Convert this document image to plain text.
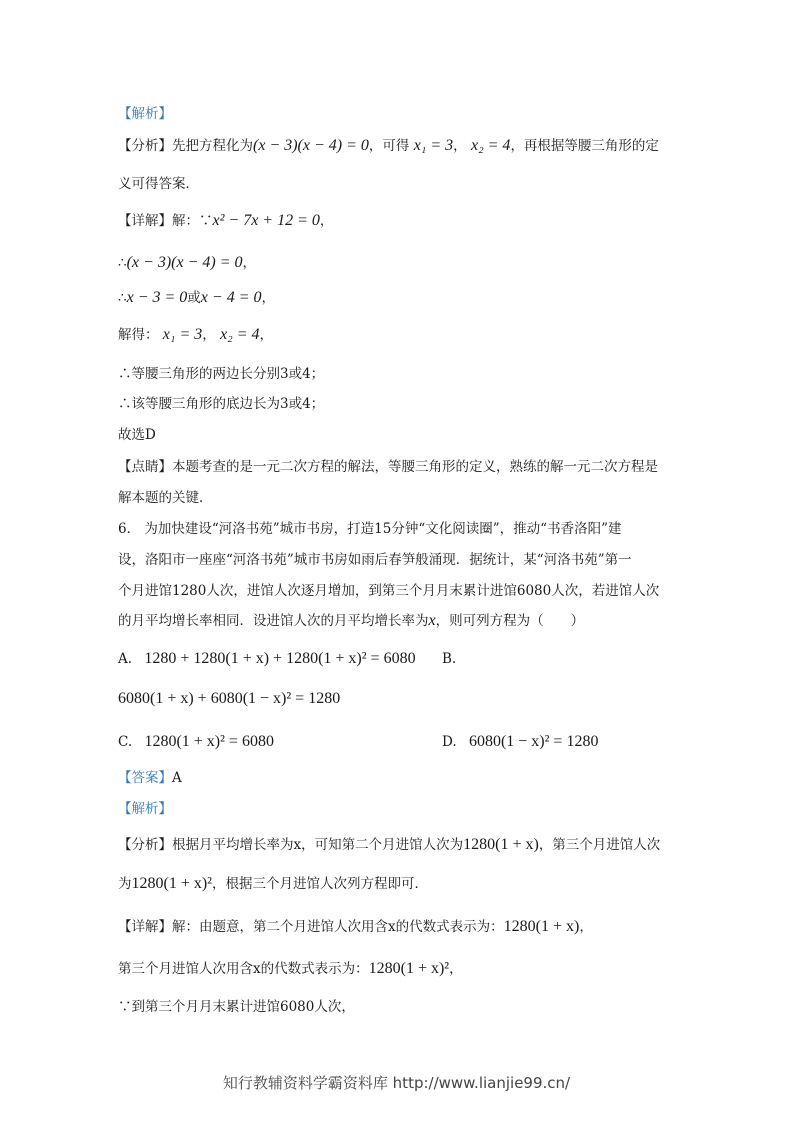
【解析】
【分析】先把方程化为(x − 3)(x − 4) = 0，可得 x₁ = 3， x₂ = 4，再根据等腰三角形的定
义可得答案．
【详解】解：∵x² − 7x + 12 = 0，
∴(x − 3)(x − 4) = 0，
∴x − 3 = 0或x − 4 = 0，
解得： x₁ = 3， x₂ = 4，
∴等腰三角形的两边长分别3或4；
∴该等腰三角形的底边长为3或4；
故选D
【点睛】本题考查的是一元二次方程的解法，等腰三角形的定义，熟练的解一元二次方程是
解本题的关键．
6． 为加快建设“河洛书苑”城市书房，打造15分钟“文化阅读圈”，推动“书香洛阳”建
设，洛阳市一座座“河洛书苑”城市书房如雨后春笋般涌现．据统计，某“河洛书苑”第一
个月进馆1280人次，进馆人次逐月增加，到第三个月月末累计进馆6080人次，若进馆人次
的月平均增长率相同．设进馆人次的月平均增长率为x，则可列方程为（　　）
A. 1280 + 1280(1 + x) + 1280(1 + x)² = 6080 B.
6080(1 + x) + 6080(1 − x)² = 1280
C. 1280(1 + x)² = 6080	D. 6080(1 − x)² = 1280
【答案】A
【解析】
【分析】根据月平均增长率为x，可知第二个月进馆人次为1280(1 + x)，第三个月进馆人次
为1280(1 + x)²，根据三个月进馆人次列方程即可．
【详解】解：由题意，第二个月进馆人次用含x的代数式表示为：1280(1 + x)，
第三个月进馆人次用含x的代数式表示为：1280(1 + x)²，
∵到第三个月月末累计进馆6080人次，
知行教辅资料学霸资料库 http://www.lianjie99.cn/
